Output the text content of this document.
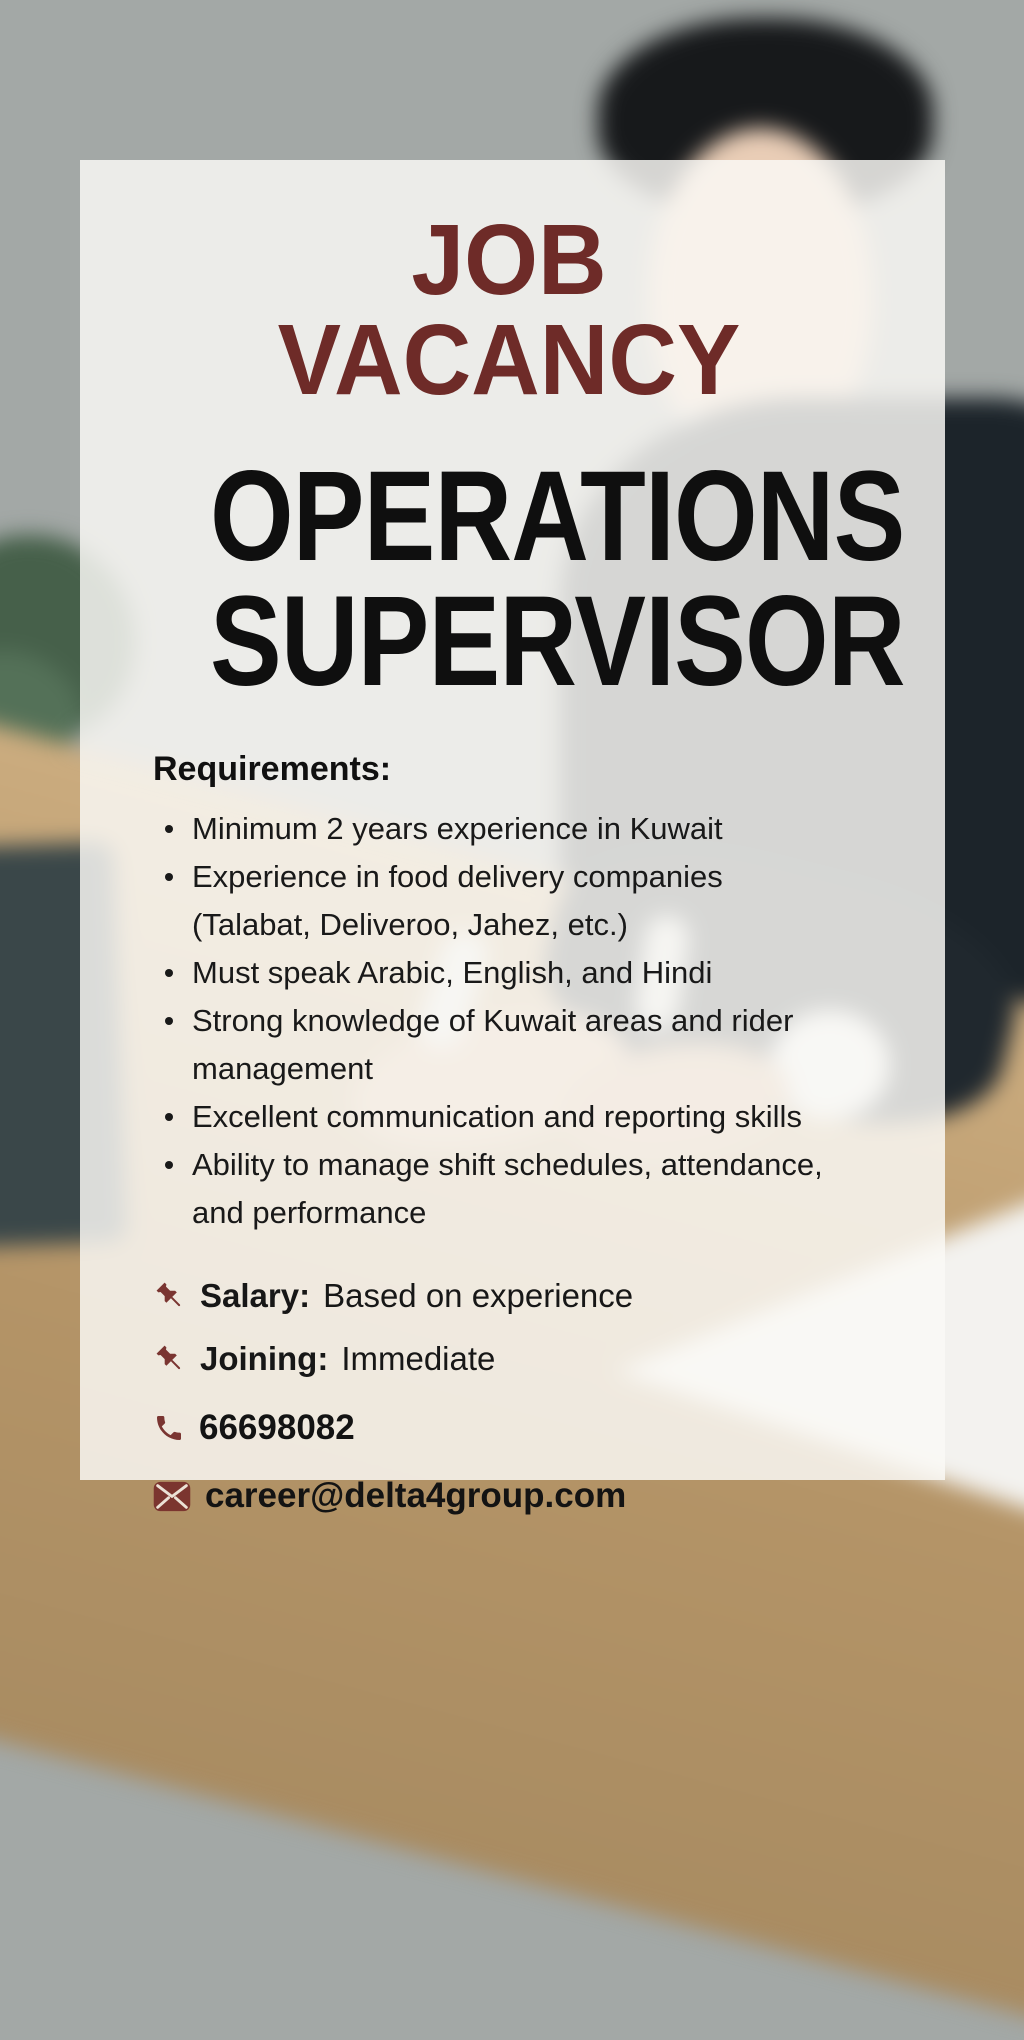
JOB VACANCY
OPERATIONS
SUPERVISOR
Requirements:
Minimum 2 years experience in Kuwait
Experience in food delivery companies (Talabat, Deliveroo, Jahez, etc.)
Must speak Arabic, English, and Hindi
Strong knowledge of Kuwait areas and rider management
Excellent communication and reporting skills
Ability to manage shift schedules, attendance, and performance
Salary: Based on experience
Joining: Immediate
66698082
career@delta4group.com
